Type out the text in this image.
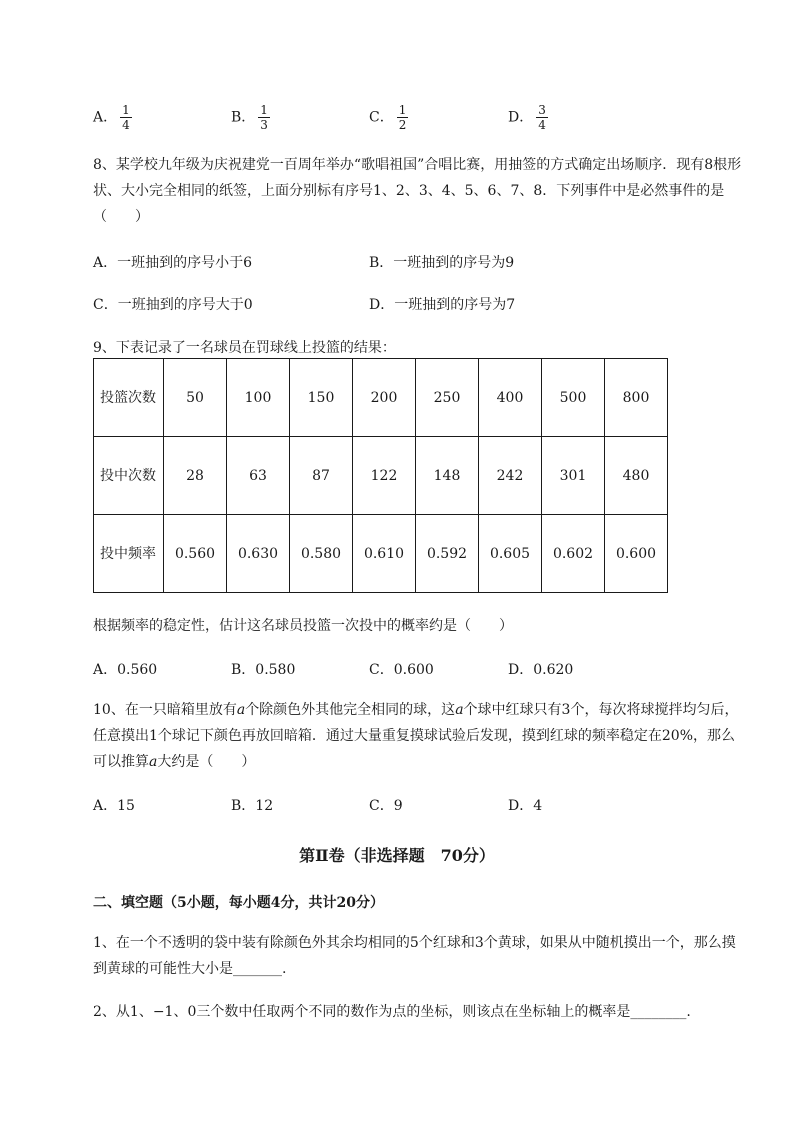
A． $\frac{1}{4}$	B． $\frac{1}{3}$	C． $\frac{1}{2}$	D． $\frac{3}{4}$
8、某学校九年级为庆祝建党一百周年举办“歌唱祖国”合唱比赛，用抽签的方式确定出场顺序．现有8根形状、大小完全相同的纸签，上面分别标有序号1、2、3、4、5、6、7、8．下列事件中是必然事件的是（　　）
A．一班抽到的序号小于6	B．一班抽到的序号为9
C．一班抽到的序号大于0	D．一班抽到的序号为7
9、下表记录了一名球员在罚球线上投篮的结果：
投篮次数	50	100	150	200	250	400	500	800
投中次数	28	63	87	122	148	242	301	480
投中频率	0.560	0.630	0.580	0.610	0.592	0.605	0.602	0.600
根据频率的稳定性，估计这名球员投篮一次投中的概率约是（　　）
A．0.560	B．0.580	C．0.600	D．0.620
10、在一只暗箱里放有a个除颜色外其他完全相同的球，这a个球中红球只有3个，每次将球搅拌均匀后，任意摸出1个球记下颜色再放回暗箱．通过大量重复摸球试验后发现，摸到红球的频率稳定在20%，那么可以推算a大约是（　　）
A．15	B．12	C．9	D．4
第Ⅱ卷（非选择题　70分）
二、填空题（5小题，每小题4分，共计20分）
1、在一个不透明的袋中装有除颜色外其余均相同的5个红球和3个黄球，如果从中随机摸出一个，那么摸到黄球的可能性大小是_______.
2、从1、−1、0三个数中任取两个不同的数作为点的坐标，则该点在坐标轴上的概率是________.
